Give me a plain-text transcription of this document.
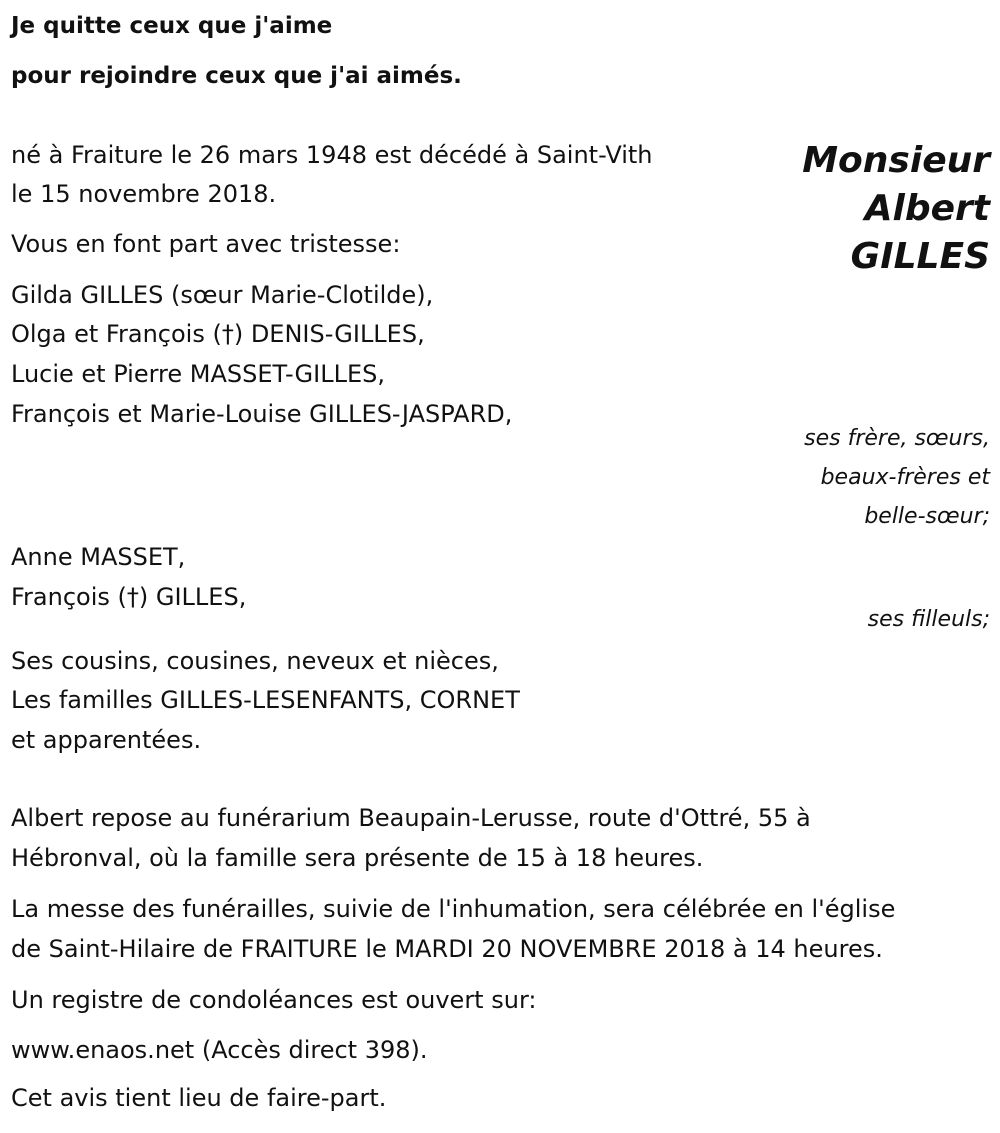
Je quitte ceux que j'aime
pour rejoindre ceux que j'ai aimés.
Monsieur
Albert
GILLES
né à Fraiture le 26 mars 1948 est décédé à Saint-Vith
le 15 novembre 2018.
Vous en font part avec tristesse:
Gilda GILLES (sœur Marie-Clotilde),
Olga et François (†) DENIS-GILLES,
Lucie et Pierre MASSET-GILLES,
François et Marie-Louise GILLES-JASPARD,
ses frère, sœurs,
beaux-frères et
belle-sœur;
Anne MASSET,
François (†) GILLES,
ses filleuls;
Ses cousins, cousines, neveux et nièces,
Les familles GILLES-LESENFANTS, CORNET
et apparentées.
Albert repose au funérarium Beaupain-Lerusse, route d'Ottré, 55 à
Hébronval, où la famille sera présente de 15 à 18 heures.
La messe des funérailles, suivie de l'inhumation, sera célébrée en l'église
de Saint-Hilaire de FRAITURE le MARDI 20 NOVEMBRE 2018 à 14 heures.
Un registre de condoléances est ouvert sur:
www.enaos.net (Accès direct 398).
Cet avis tient lieu de faire-part.
